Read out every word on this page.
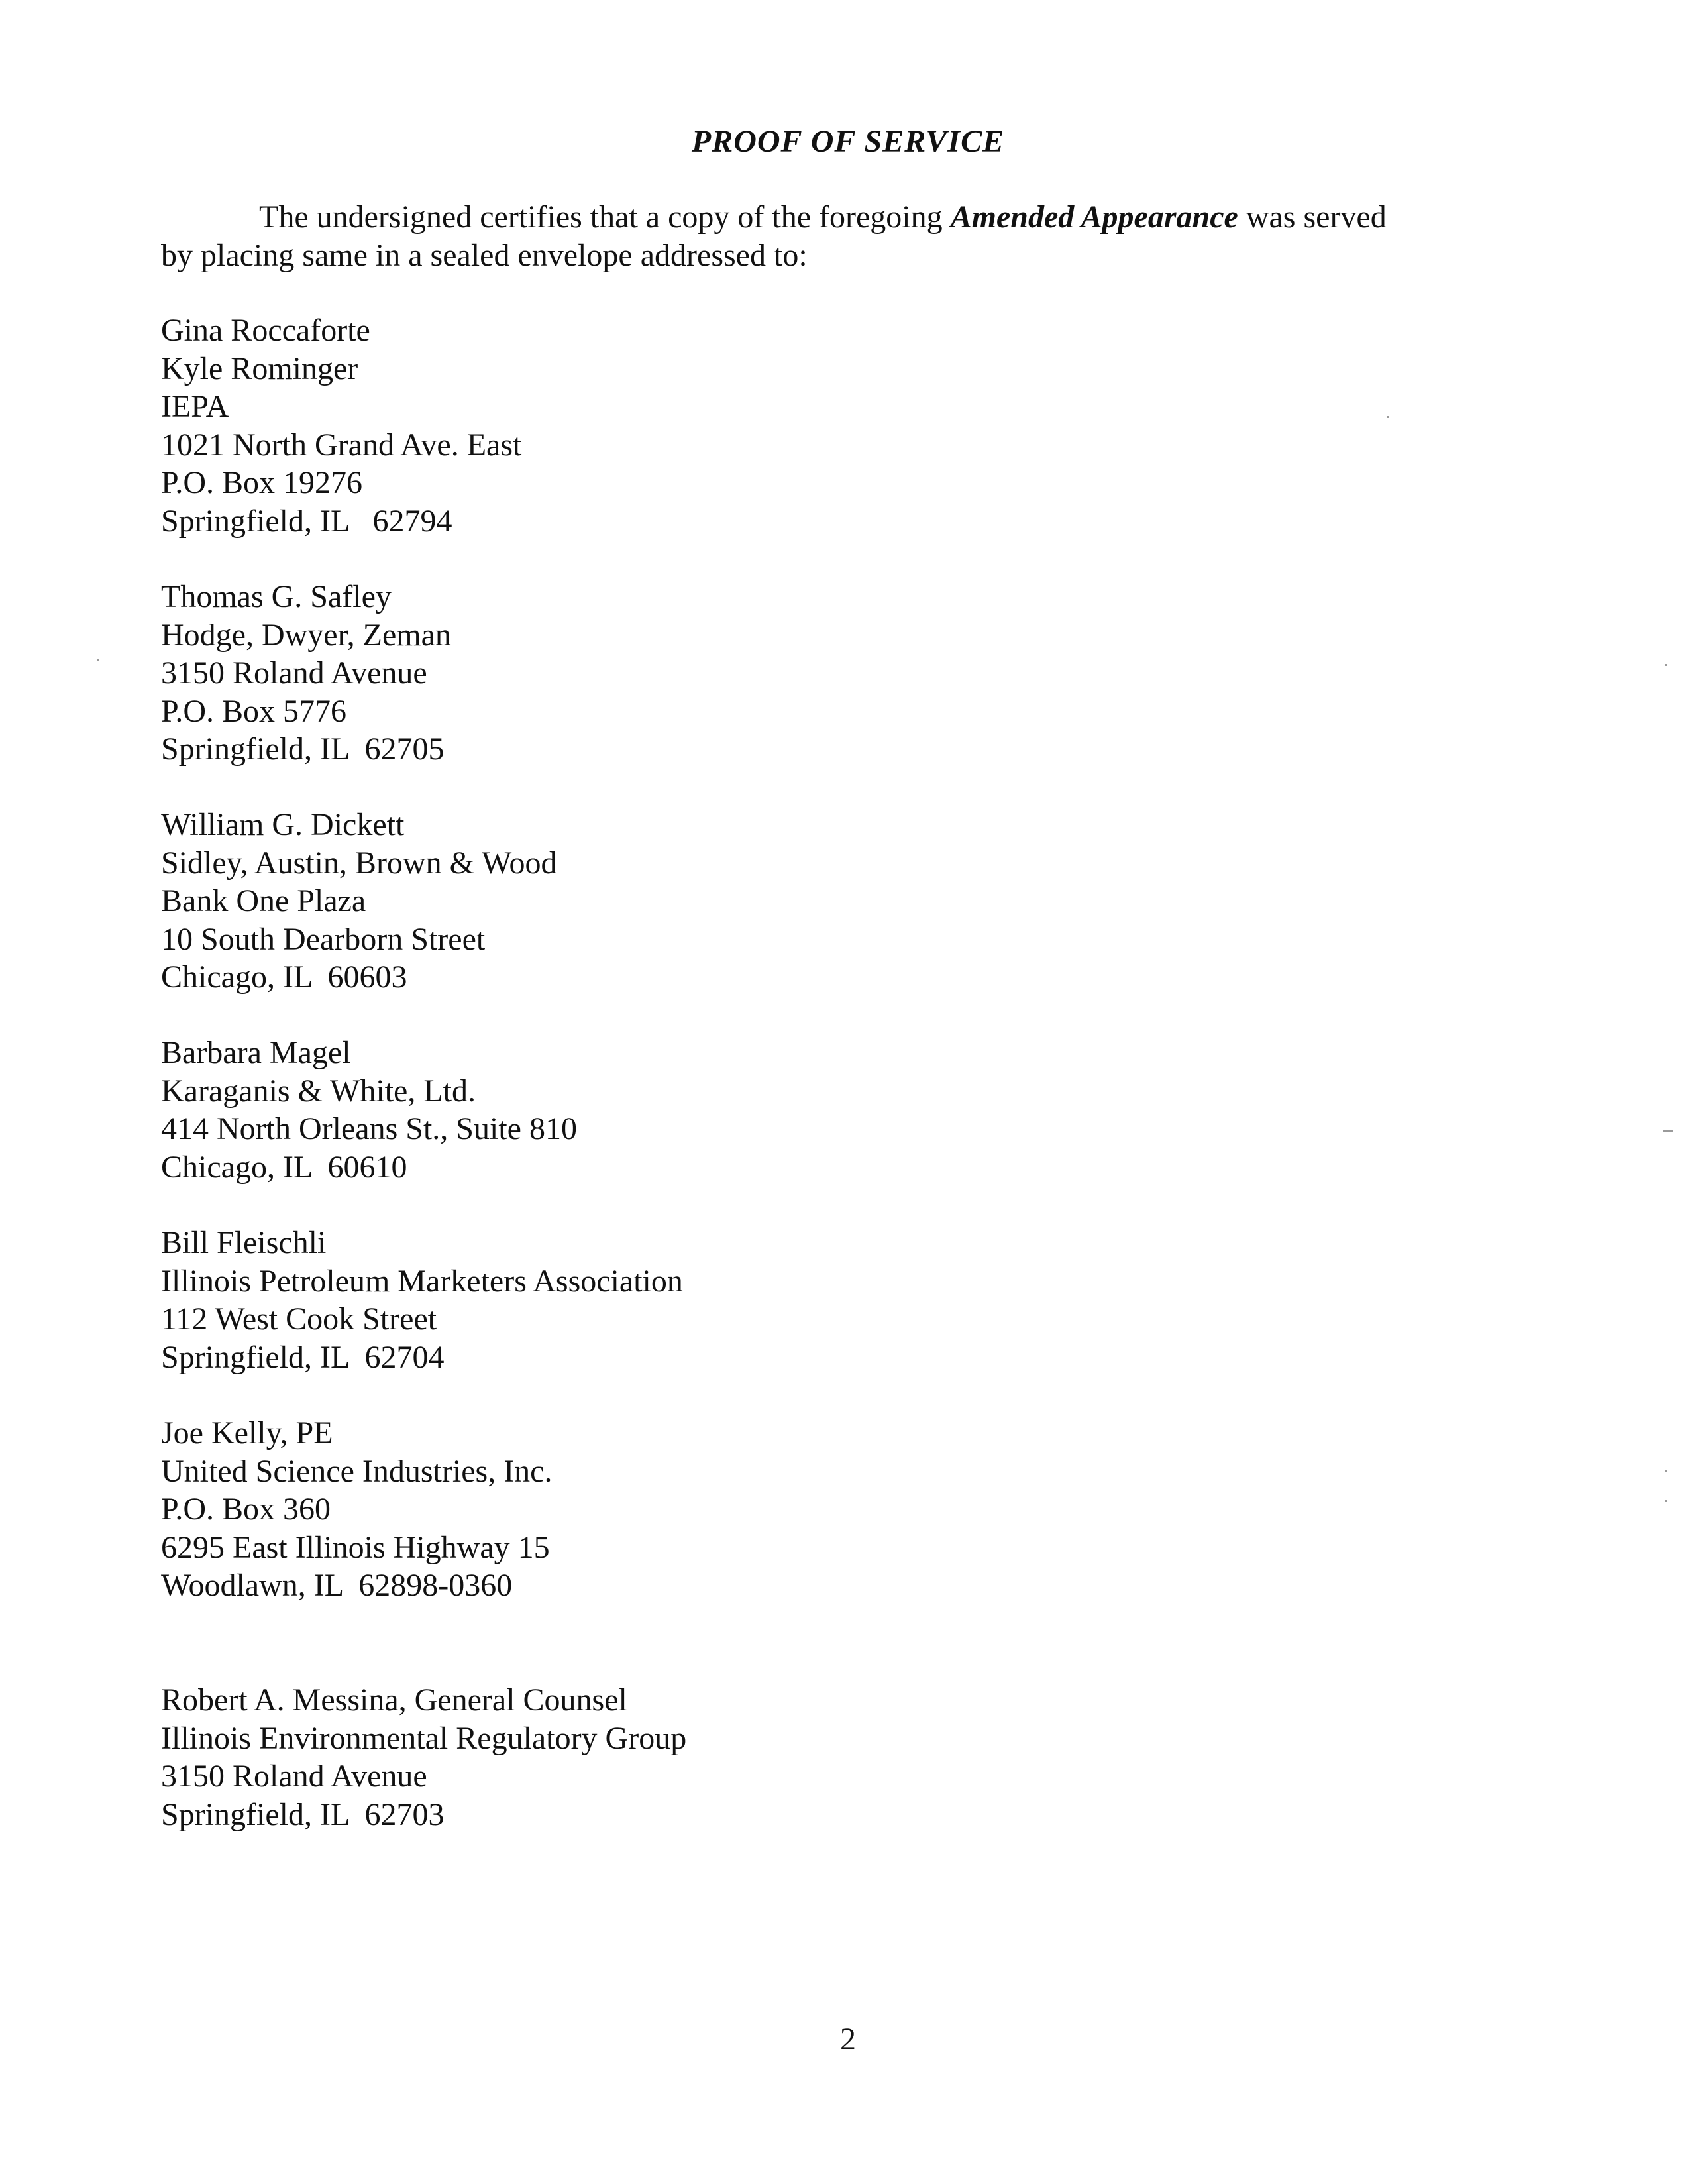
PROOF OF SERVICE
The undersigned certifies that a copy of the foregoing Amended Appearance was served
by placing same in a sealed envelope addressed to:
Gina Roccaforte
Kyle Rominger
IEPA
1021 North Grand Ave. East
P.O. Box 19276
Springfield, IL   62794
Thomas G. Safley
Hodge, Dwyer, Zeman
3150 Roland Avenue
P.O. Box 5776
Springfield, IL  62705
William G. Dickett
Sidley, Austin, Brown & Wood
Bank One Plaza
10 South Dearborn Street
Chicago, IL  60603
Barbara Magel
Karaganis & White, Ltd.
414 North Orleans St., Suite 810
Chicago, IL  60610
Bill Fleischli
Illinois Petroleum Marketers Association
112 West Cook Street
Springfield, IL  62704
Joe Kelly, PE
United Science Industries, Inc.
P.O. Box 360
6295 East Illinois Highway 15
Woodlawn, IL  62898-0360
Robert A. Messina, General Counsel
Illinois Environmental Regulatory Group
3150 Roland Avenue
Springfield, IL  62703
2
